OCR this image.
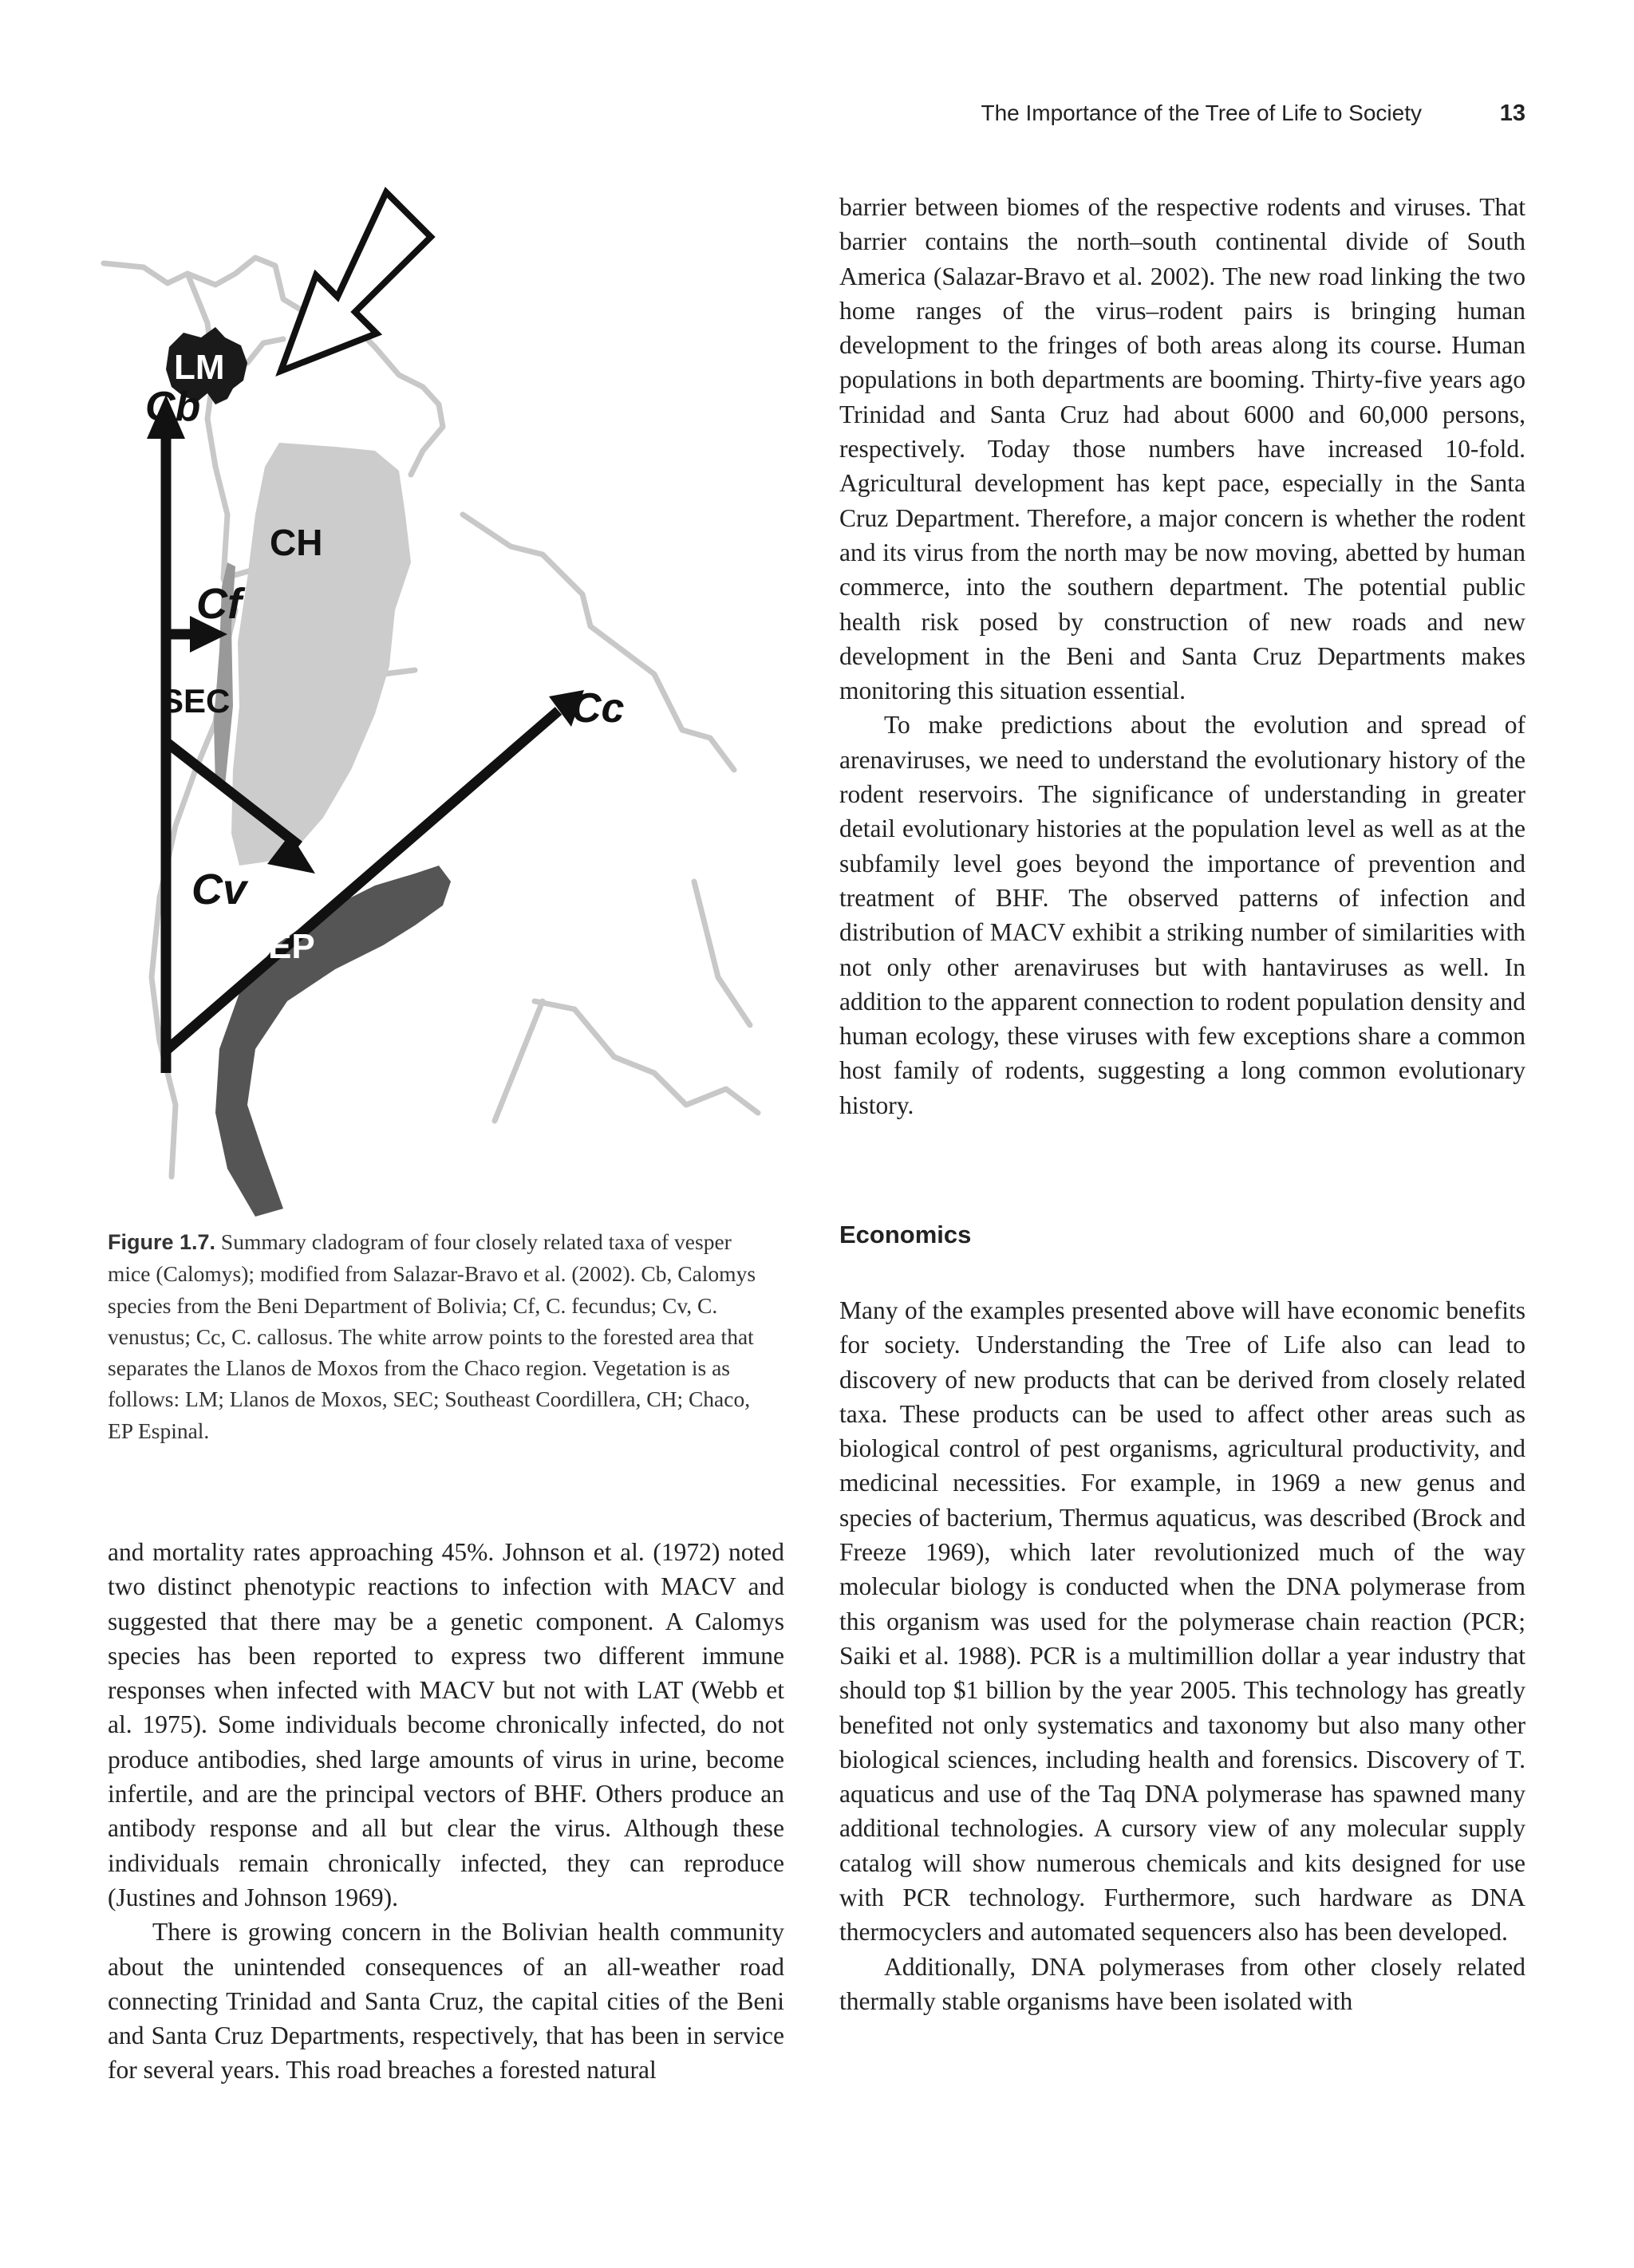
The Importance of the Tree of Life to Society	13
LM
Cb
CH
Cf
SEC	Cc
Cv
EP
Figure 1.7. Summary cladogram of four closely related taxa of vesper mice (Calomys); modified from Salazar-Bravo et al. (2002). Cb, Calomys species from the Beni Department of Bolivia; Cf, C. fecundus; Cv, C. venustus; Cc, C. callosus. The white arrow points to the forested area that separates the Llanos de Moxos from the Chaco region. Vegetation is as follows: LM; Llanos de Moxos, SEC; Southeast Coordillera, CH; Chaco, EP Espinal.

and mortality rates approaching 45%. Johnson et al. (1972) noted two distinct phenotypic reactions to infection with MACV and suggested that there may be a genetic component. A Calomys species has been reported to express two different immune responses when infected with MACV but not with LAT (Webb et al. 1975). Some individuals become chronically infected, do not produce antibodies, shed large amounts of virus in urine, become infertile, and are the principal vectors of BHF. Others produce an antibody response and all but clear the virus. Although these individuals remain chronically infected, they can reproduce (Justines and Johnson 1969).

There is growing concern in the Bolivian health community about the unintended consequences of an all-weather road connecting Trinidad and Santa Cruz, the capital cities of the Beni and Santa Cruz Departments, respectively, that has been in service for several years. This road breaches a forested natural

barrier between biomes of the respective rodents and viruses. That barrier contains the north–south continental divide of South America (Salazar-Bravo et al. 2002). The new road linking the two home ranges of the virus–rodent pairs is bringing human development to the fringes of both areas along its course. Human populations in both departments are booming. Thirty-five years ago Trinidad and Santa Cruz had about 6000 and 60,000 persons, respectively. Today those numbers have increased 10-fold. Agricultural development has kept pace, especially in the Santa Cruz Department. Therefore, a major concern is whether the rodent and its virus from the north may be now moving, abetted by human commerce, into the southern department. The potential public health risk posed by construction of new roads and new development in the Beni and Santa Cruz Departments makes monitoring this situation essential.

To make predictions about the evolution and spread of arenaviruses, we need to understand the evolutionary history of the rodent reservoirs. The significance of understanding in greater detail evolutionary histories at the population level as well as at the subfamily level goes beyond the importance of prevention and treatment of BHF. The observed patterns of infection and distribution of MACV exhibit a striking number of similarities with not only other arenaviruses but with hantaviruses as well. In addition to the apparent connection to rodent population density and human ecology, these viruses with few exceptions share a common host family of rodents, suggesting a long common evolutionary history.

Economics

Many of the examples presented above will have economic benefits for society. Understanding the Tree of Life also can lead to discovery of new products that can be derived from closely related taxa. These products can be used to affect other areas such as biological control of pest organisms, agricultural productivity, and medicinal necessities. For example, in 1969 a new genus and species of bacterium, Thermus aquaticus, was described (Brock and Freeze 1969), which later revolutionized much of the way molecular biology is conducted when the DNA polymerase from this organism was used for the polymerase chain reaction (PCR; Saiki et al. 1988). PCR is a multimillion dollar a year industry that should top $1 billion by the year 2005. This technology has greatly benefited not only systematics and taxonomy but also many other biological sciences, including health and forensics. Discovery of T. aquaticus and use of the Taq DNA polymerase has spawned many additional technologies. A cursory view of any molecular supply catalog will show numerous chemicals and kits designed for use with PCR technology. Furthermore, such hardware as DNA thermocyclers and automated sequencers also has been developed.

Additionally, DNA polymerases from other closely related thermally stable organisms have been isolated with
